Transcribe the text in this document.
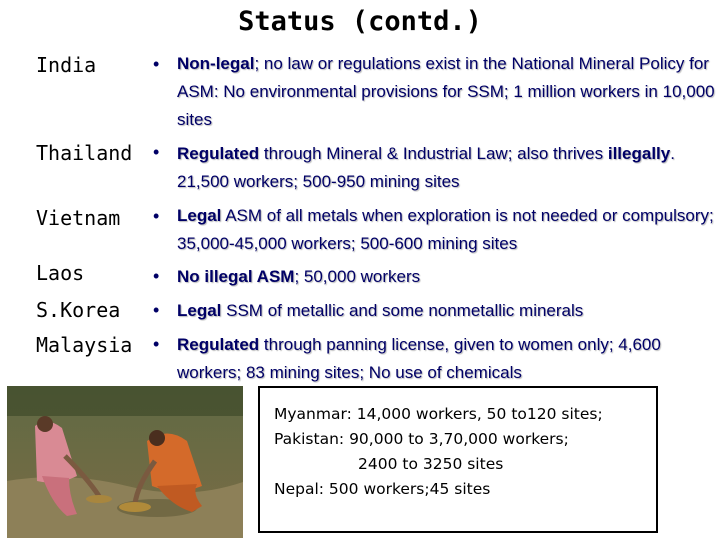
Status (contd.)
India	•	Non-legal; no law or regulations exist in the National Mineral Policy for ASM: No environmental provisions for SSM; 1 million workers in 10,000 sites
Thailand	•	Regulated through Mineral & Industrial Law; also thrives illegally. 21,500 workers; 500-950 mining sites
Vietnam	•	Legal ASM of all metals when exploration is not needed or compulsory; 35,000-45,000 workers; 500-600 mining sites
Laos	•	No illegal ASM; 50,000 workers
S.Korea	•	Legal SSM of metallic and some nonmetallic minerals
Malaysia	•	Regulated through panning license, given to women only; 4,600 workers; 83 mining sites; No use of chemicals
Myanmar: 14,000 workers, 50 to120 sites;
Pakistan: 90,000 to 3,70,000 workers;
2400 to 3250 sites
Nepal: 500 workers;45 sites
